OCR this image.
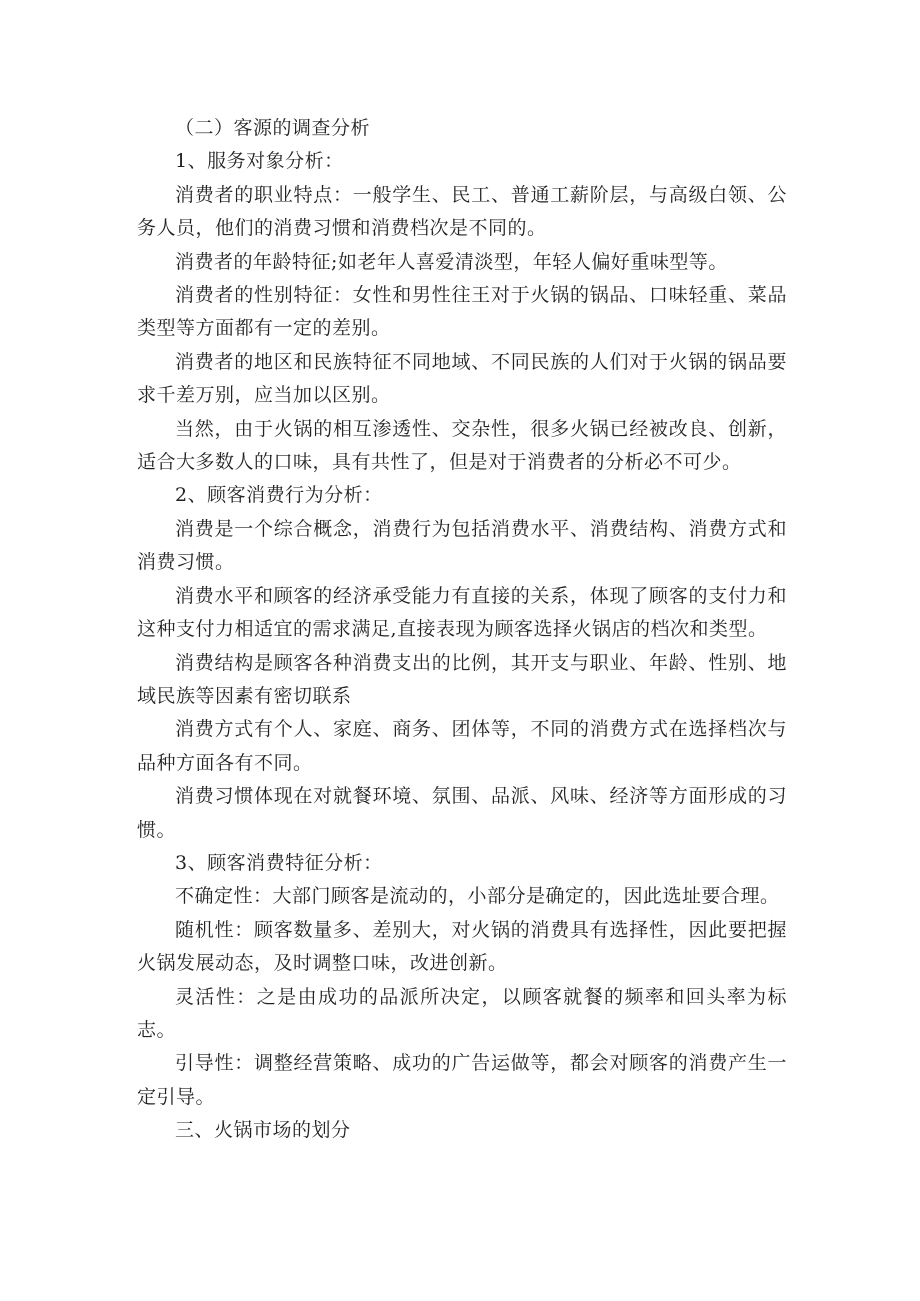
（二）客源的调查分析

1、服务对象分析：

消费者的职业特点：一般学生、民工、普通工薪阶层，与高级白领、公务人员，他们的消费习惯和消费档次是不同的。

消费者的年龄特征;如老年人喜爱清淡型，年轻人偏好重味型等。

消费者的性别特征：女性和男性往王对于火锅的锅品、口味轻重、菜品类型等方面都有一定的差别。

消费者的地区和民族特征不同地域、不同民族的人们对于火锅的锅品要求千差万别，应当加以区别。

当然，由于火锅的相互渗透性、交杂性，很多火锅已经被改良、创新，适合大多数人的口味，具有共性了，但是对于消费者的分析必不可少。

2、顾客消费行为分析：

消费是一个综合概念，消费行为包括消费水平、消费结构、消费方式和消费习惯。

消费水平和顾客的经济承受能力有直接的关系，体现了顾客的支付力和这种支付力相适宜的需求满足,直接表现为顾客选择火锅店的档次和类型。

消费结构是顾客各种消费支出的比例，其开支与职业、年龄、性别、地域民族等因素有密切联系

消费方式有个人、家庭、商务、团体等，不同的消费方式在选择档次与品种方面各有不同。

消费习惯体现在对就餐环境、氛围、品派、风味、经济等方面形成的习惯。

3、顾客消费特征分析：

不确定性：大部门顾客是流动的，小部分是确定的，因此选址要合理。

随机性：顾客数量多、差别大，对火锅的消费具有选择性，因此要把握火锅发展动态，及时调整口味，改进创新。

灵活性：之是由成功的品派所决定，以顾客就餐的频率和回头率为标志。

引导性：调整经营策略、成功的广告运做等，都会对顾客的消费产生一定引导。

三、火锅市场的划分
